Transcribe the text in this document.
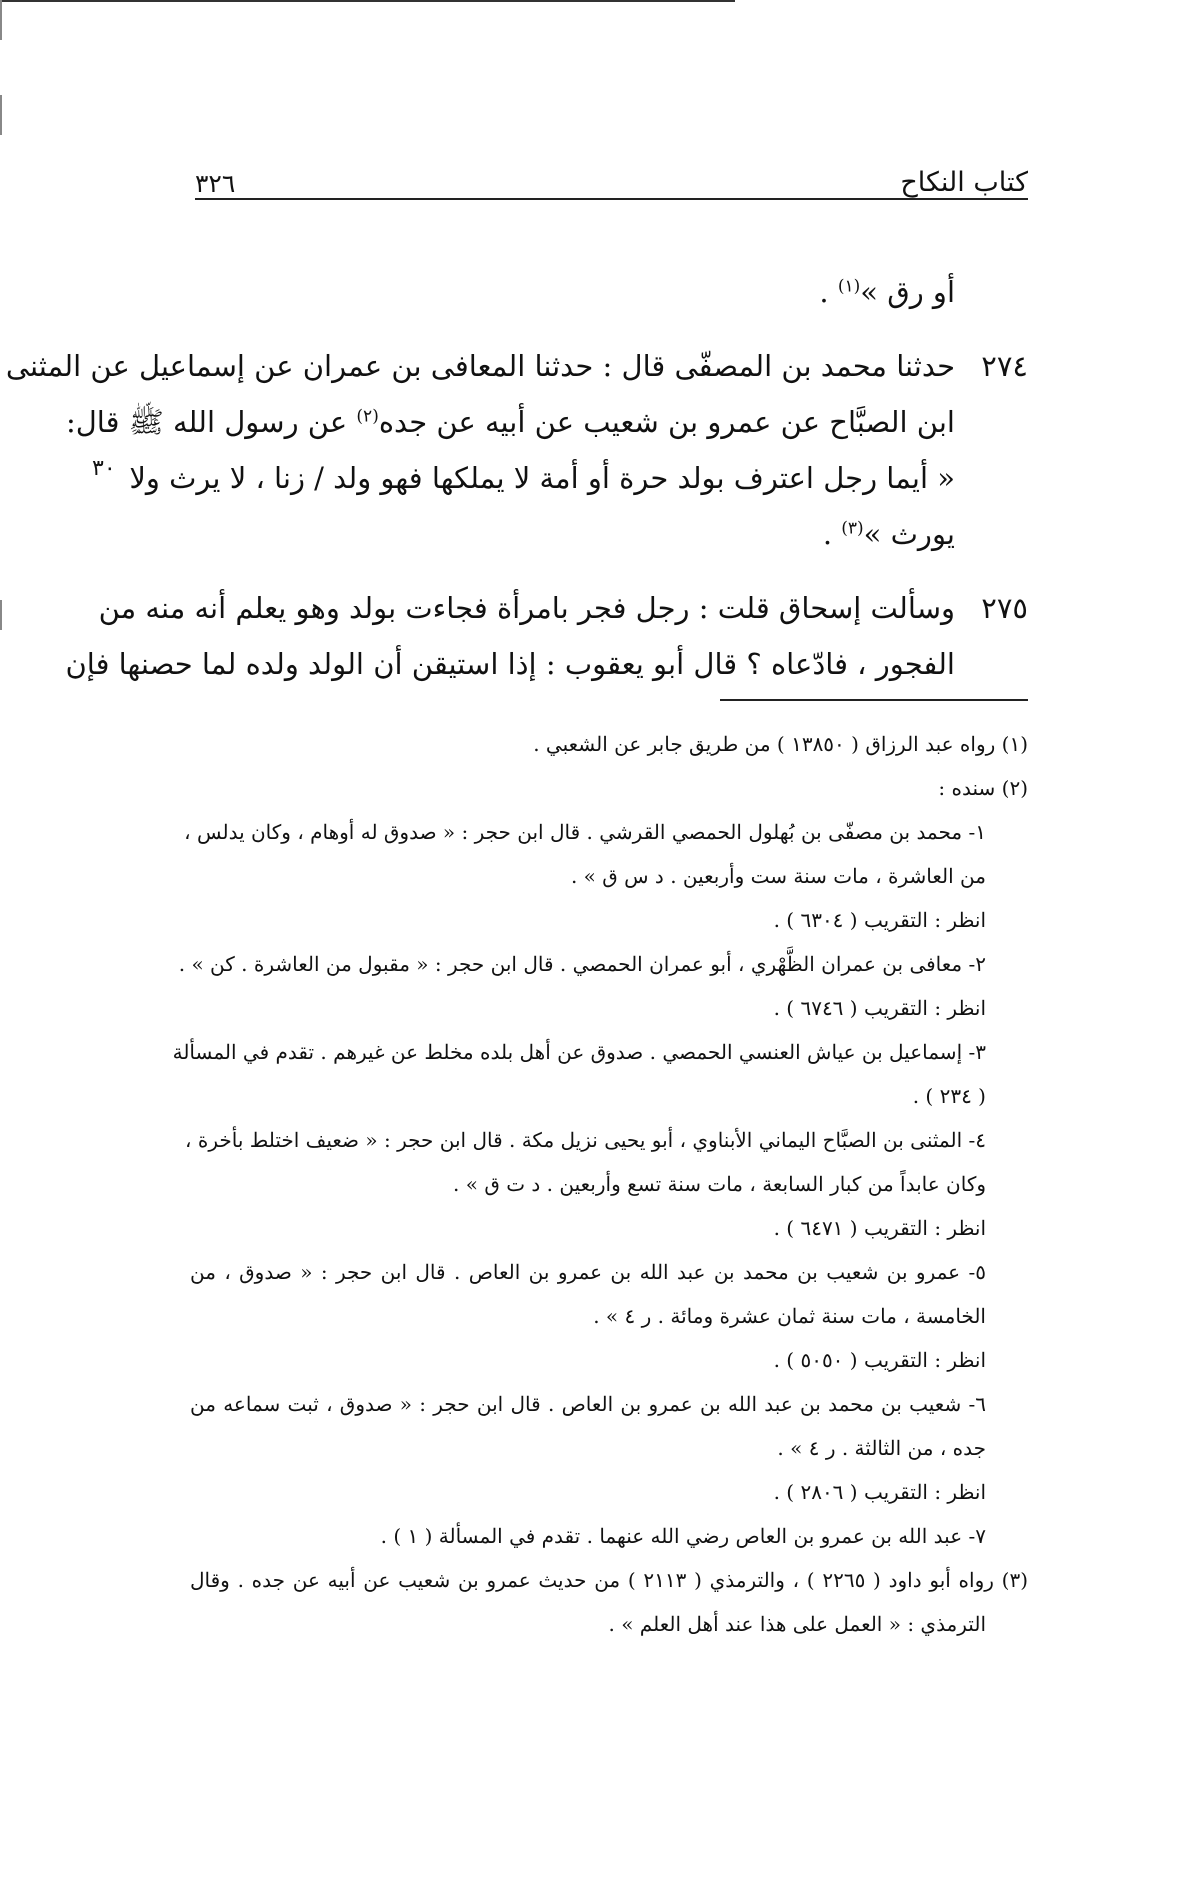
٣٢٦	كتاب النكاح
٣٠
أو رق »$^{(١)}$ .
٢٧٤
حدثنا محمد بن المصفّى قال : حدثنا المعافى بن عمران عن إسماعيل عن المثنى
ابن الصبَّاح عن عمرو بن شعيب عن أبيه عن جده$^{(٢)}$ عن رسول الله ﷺ قال:
« أيما رجل اعترف بولد حرة أو أمة لا يملكها فهو ولد / زنا ، لا يرث ولا
يورث »$^{(٣)}$ .
٢٧٥
وسألت إسحاق قلت : رجل فجر بامرأة فجاءت بولد وهو يعلم أنه منه من
الفجور ، فادّعاه ؟ قال أبو يعقوب : إذا استيقن أن الولد ولده لما حصنها فإن
(١) رواه عبد الرزاق ( ١٣٨٥٠ ) من طريق جابر عن الشعبي .
(٢) سنده :
١- محمد بن مصفّى بن بُهلول الحمصي القرشي . قال ابن حجر : « صدوق له أوهام ، وكان يدلس ،
من العاشرة ، مات سنة ست وأربعين . د س ق » .
انظر : التقريب ( ٦٣٠٤ ) .
٢- معافى بن عمران الظَّهْري ، أبو عمران الحمصي . قال ابن حجر : « مقبول من العاشرة . كن » .
انظر : التقريب ( ٦٧٤٦ ) .
٣- إسماعيل بن عياش العنسي الحمصي . صدوق عن أهل بلده مخلط عن غيرهم . تقدم في المسألة
( ٢٣٤ ) .
٤- المثنى بن الصبَّاح اليماني الأبناوي ، أبو يحيى نزيل مكة . قال ابن حجر : « ضعيف اختلط بأخرة ،
وكان عابداً من كبار السابعة ، مات سنة تسع وأربعين . د ت ق » .
انظر : التقريب ( ٦٤٧١ ) .
٥- عمرو بن شعيب بن محمد بن عبد الله بن عمرو بن العاص . قال ابن حجر : « صدوق ، من
الخامسة ، مات سنة ثمان عشرة ومائة . ر ٤ » .
انظر : التقريب ( ٥٠٥٠ ) .
٦- شعيب بن محمد بن عبد الله بن عمرو بن العاص . قال ابن حجر : « صدوق ، ثبت سماعه من
جده ، من الثالثة . ر ٤ » .
انظر : التقريب ( ٢٨٠٦ ) .
٧- عبد الله بن عمرو بن العاص رضي الله عنهما . تقدم في المسألة ( ١ ) .
(٣) رواه أبو داود ( ٢٢٦٥ ) ، والترمذي ( ٢١١٣ ) من حديث عمرو بن شعيب عن أبيه عن جده . وقال
الترمذي : « العمل على هذا عند أهل العلم » .
